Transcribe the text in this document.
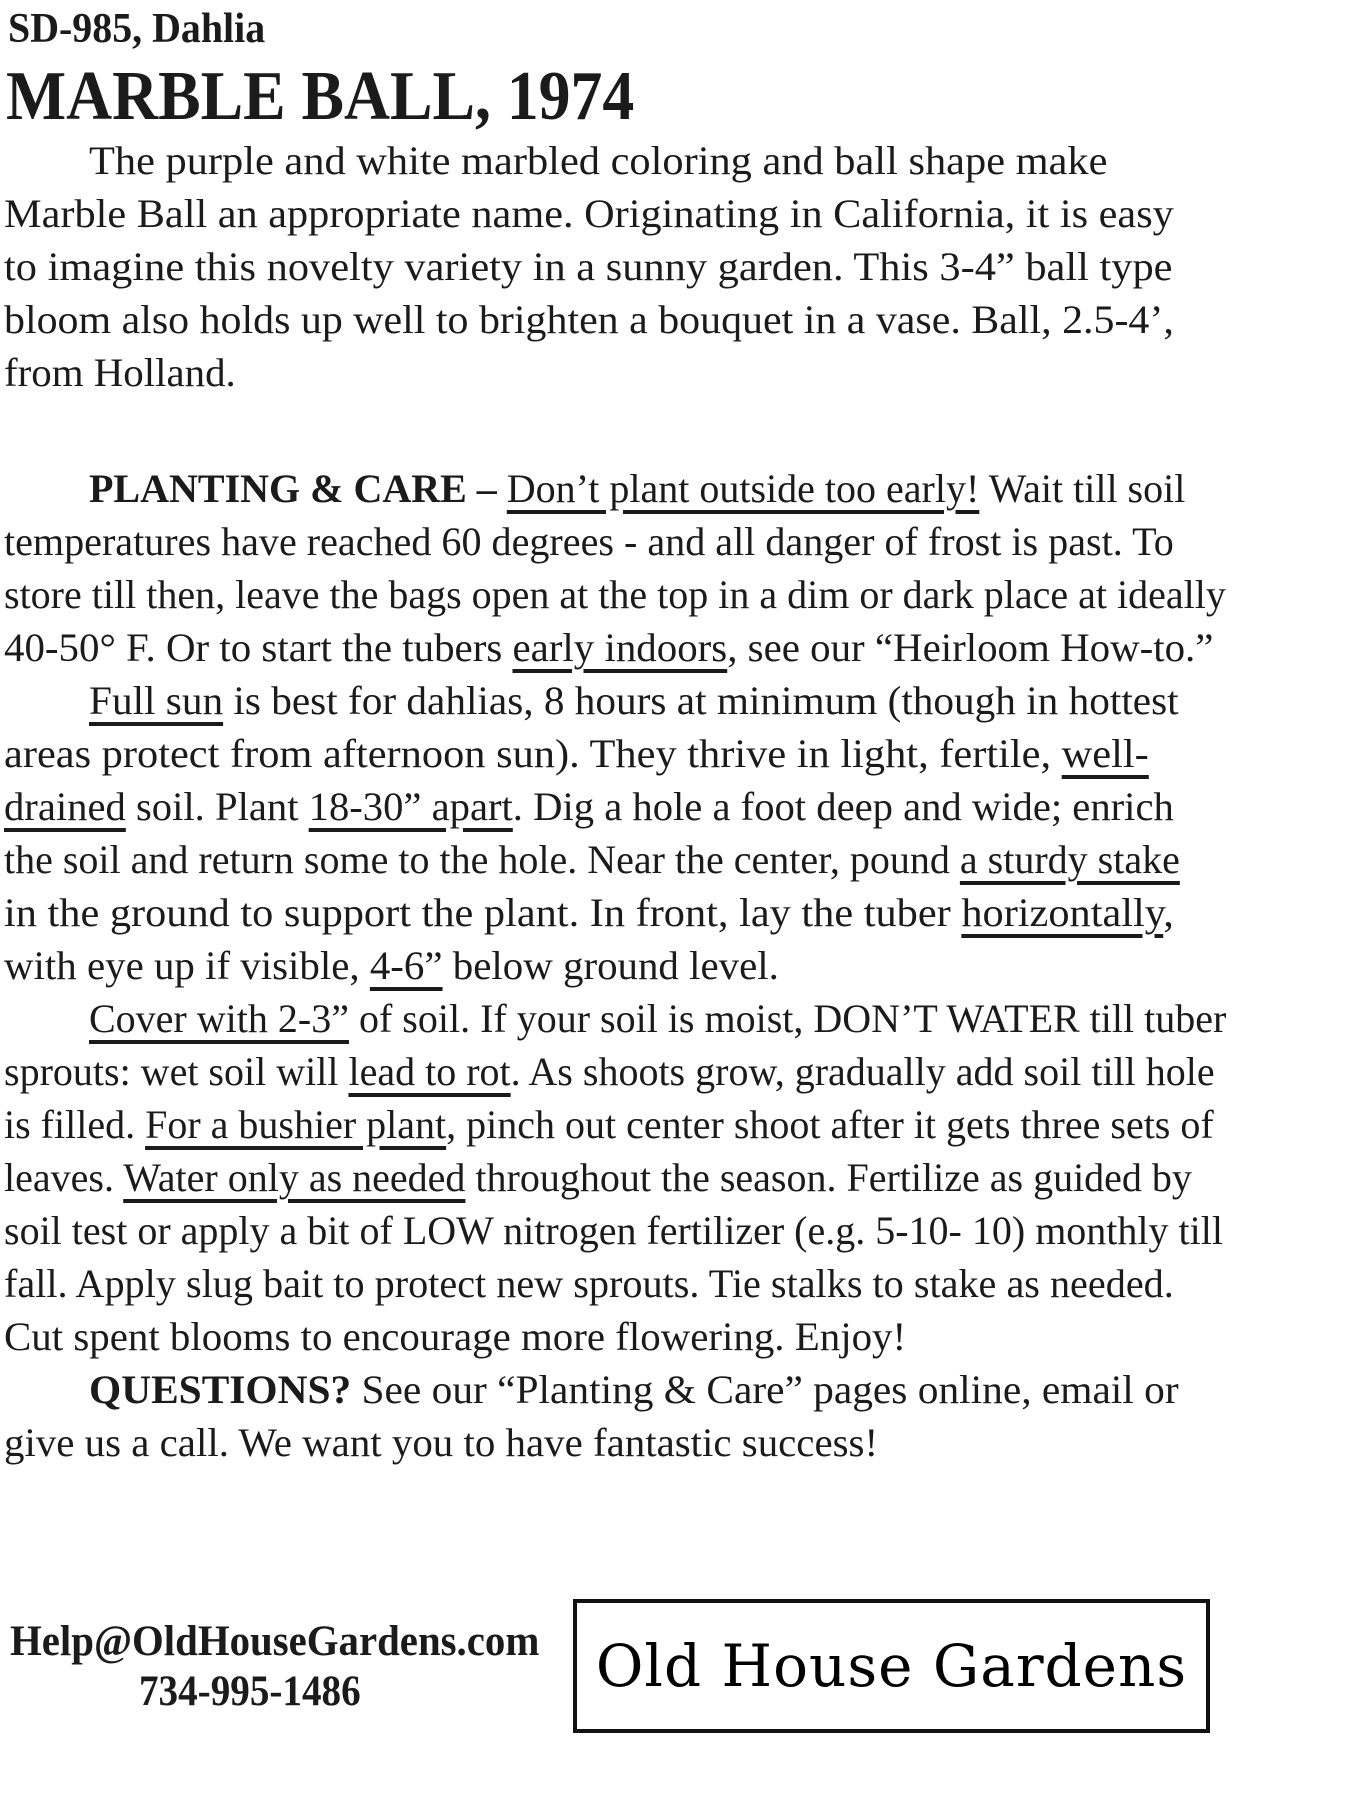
SD-985, Dahlia
MARBLE BALL, 1974
The purple and white marbled coloring and ball shape make
Marble Ball an appropriate name. Originating in California, it is easy
to imagine this novelty variety in a sunny garden. This 3-4” ball type
bloom also holds up well to brighten a bouquet in a vase. Ball, 2.5-4’,
from Holland.
PLANTING & CARE – Don’t plant outside too early! Wait till soil
temperatures have reached 60 degrees - and all danger of frost is past. To
store till then, leave the bags open at the top in a dim or dark place at ideally
40-50° F. Or to start the tubers early indoors, see our “Heirloom How-to.”
Full sun is best for dahlias, 8 hours at minimum (though in hottest
areas protect from afternoon sun). They thrive in light, fertile, well-
drained soil. Plant 18-30” apart. Dig a hole a foot deep and wide; enrich
the soil and return some to the hole. Near the center, pound a sturdy stake
in the ground to support the plant. In front, lay the tuber horizontally,
with eye up if visible, 4-6” below ground level.
Cover with 2-3” of soil. If your soil is moist, DON’T WATER till tuber
sprouts: wet soil will lead to rot. As shoots grow, gradually add soil till hole
is filled. For a bushier plant, pinch out center shoot after it gets three sets of
leaves. Water only as needed throughout the season. Fertilize as guided by
soil test or apply a bit of LOW nitrogen fertilizer (e.g. 5-10- 10) monthly till
fall. Apply slug bait to protect new sprouts. Tie stalks to stake as needed.
Cut spent blooms to encourage more flowering. Enjoy!
QUESTIONS? See our “Planting & Care” pages online, email or
give us a call. We want you to have fantastic success!
Help@OldHouseGardens.com
734-995-1486	Old House Gardens
